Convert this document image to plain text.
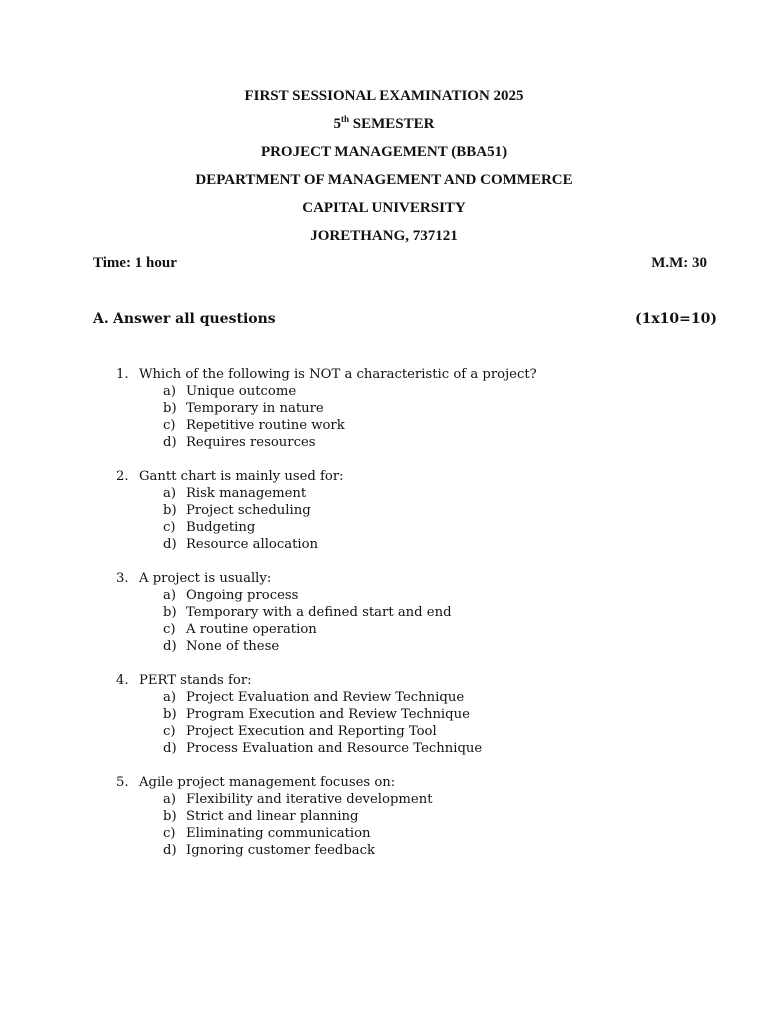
FIRST SESSIONAL EXAMINATION 2025
5th SEMESTER
PROJECT MANAGEMENT (BBA51)
DEPARTMENT OF MANAGEMENT AND COMMERCE
CAPITAL UNIVERSITY
JORETHANG, 737121
Time: 1 hour	M.M: 30
A. Answer all questions	(1x10=10)
1. Which of the following is NOT a characteristic of a project?
a) Unique outcome
b) Temporary in nature
c) Repetitive routine work
d) Requires resources
2. Gantt chart is mainly used for:
a) Risk management
b) Project scheduling
c) Budgeting
d) Resource allocation
3. A project is usually:
a) Ongoing process
b) Temporary with a defined start and end
c) A routine operation
d) None of these
4. PERT stands for:
a) Project Evaluation and Review Technique
b) Program Execution and Review Technique
c) Project Execution and Reporting Tool
d) Process Evaluation and Resource Technique
5. Agile project management focuses on:
a) Flexibility and iterative development
b) Strict and linear planning
c) Eliminating communication
d) Ignoring customer feedback
